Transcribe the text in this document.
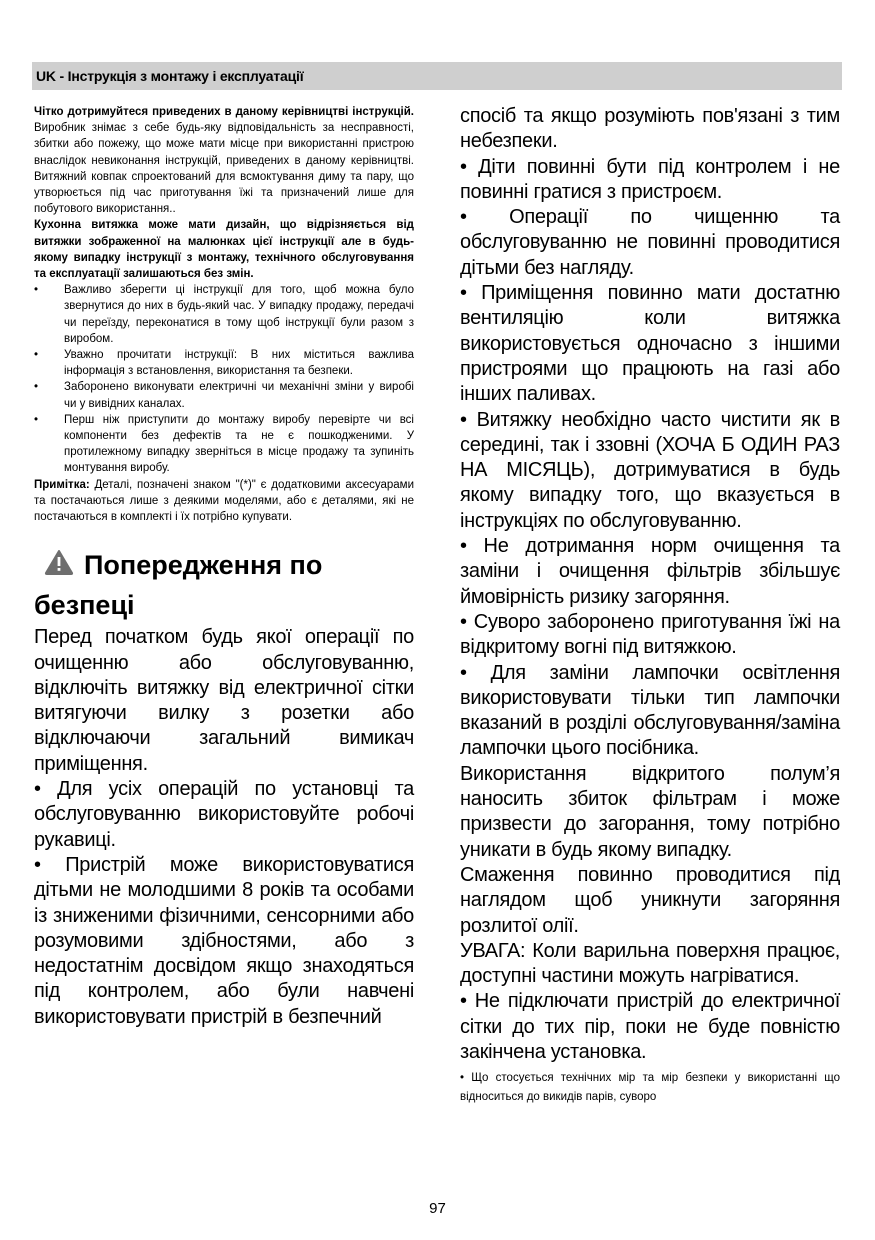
UK - Інструкція з монтажу і експлуатації

Чітко дотримуйтеся приведених в даному керівництві інструкцій. Виробник знімає з себе будь-яку відповідальність за несправності, збитки або пожежу, що може мати місце при використанні пристрою внаслідок невиконання інструкцій, приведених в даному керівництві. Витяжний ковпак спроектований для всмоктування диму та пару, що утворюється під час приготування їжі та призначений лише для побутового використання..

Кухонна витяжка може мати дизайн, що відрізняється від витяжки зображенної на малюнках цієї інструкції але в будь-якому випадку інструкції з монтажу, технічного обслуговування та експлуатації залишаються без змін.

• Важливо зберегти ці інструкції для того, щоб можна було звернутися до них в будь-який час. У випадку продажу, передачі чи переїзду, переконатися в тому щоб інструкції були разом з виробом.
• Уважно прочитати інструкції: В них міститься важлива інформація з встановлення, використання та безпеки.
• Заборонено виконувати електричні чи механічні зміни у виробі чи у вивідних каналах.
• Перш ніж приступити до монтажу виробу перевірте чи всі компоненти без дефектів та не є пошкодженими. У протилежному випадку зверніться в місце продажу та зупиніть монтування виробу.

Примітка: Деталі, позначені знаком "(*)" є додатковими аксесуарами та постачаються лише з деякими моделями, або є деталями, які не постачаються в комплекті і їх потрібно купувати.

Попередження по
безпеці

Перед початком будь якої операції по очищенню або обслуговуванню, відключіть витяжку від електричної сітки витягуючи вилку з розетки або відключаючи загальний вимикач приміщення.

• Для усіх операцій по установці та обслуговуванню використовуйте робочі рукавиці.

• Пристрій може використовуватися дітьми не молодшими 8 років та особами із зниженими фізичними, сенсорними або розумовими здібностями, або з недостатнім досвідом якщо знаходяться під контролем, або були навчені використовувати пристрій в безпечний

спосіб та якщо розуміють пов'язані з тим небезпеки.

• Діти повинні бути під контролем і не повинні гратися з пристроєм.

• Операції по чищенню та обслуговуванню не повинні проводитися дітьми без нагляду.

• Приміщення повинно мати достатню вентиляцію коли витяжка використовується одночасно з іншими пристроями що працюють на газі або інших паливах.

• Витяжку необхідно часто чистити як в середині, так і ззовні (ХОЧА Б ОДИН РАЗ НА МІСЯЦЬ), дотримуватися в будь якому випадку того, що вказується в інструкціях по обслуговуванню.

• Не дотримання норм очищення та заміни і очищення фільтрів збільшує ймовірність ризику загоряння.

• Суворо заборонено приготування їжі на відкритому вогні під витяжкою.

• Для заміни лампочки освітлення використовувати тільки тип лампочки вказаний в розділі обслуговування/заміна лампочки цього посібника.

Використання відкритого полум’я наносить збиток фільтрам і може призвести до загорання, тому потрібно уникати в будь якому випадку.

Смаження повинно проводитися під наглядом щоб уникнути загоряння розлитої олії.

УВАГА: Коли варильна поверхня працює, доступні частини можуть нагріватися.

• Не підключати пристрій до електричної сітки до тих пір, поки не буде повністю закінчена установка.

• Що стосується технічних мір та мір безпеки у використанні що відноситься до викидів парів, суворо

97
